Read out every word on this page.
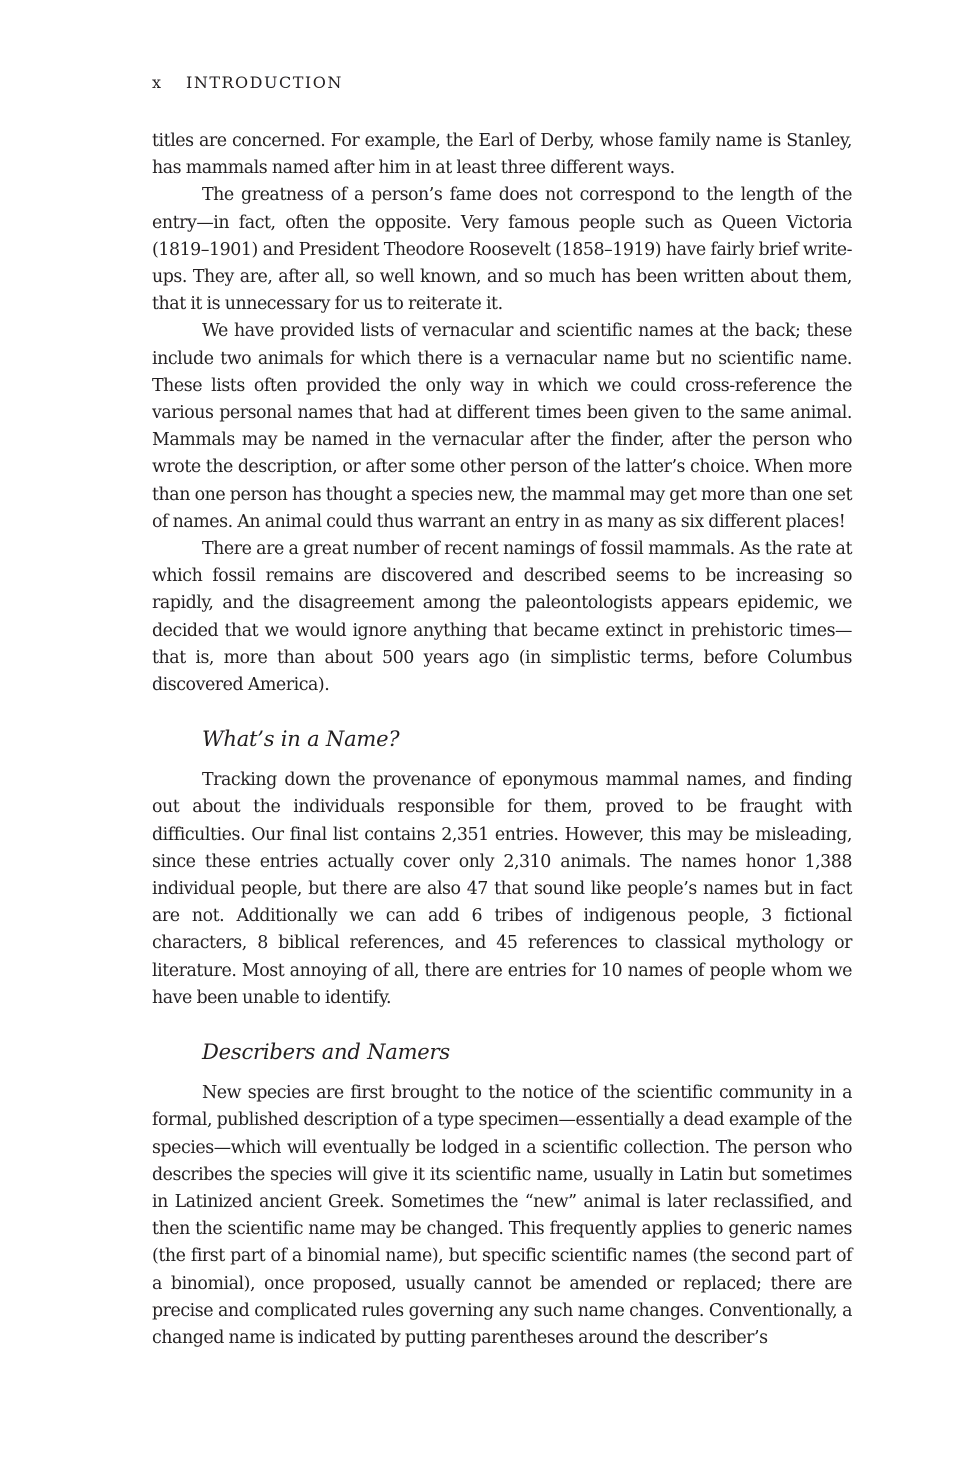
x INTRODUCTION

titles are concerned. For example, the Earl of Derby, whose family name is Stanley, has mammals named after him in at least three different ways.

The greatness of a person’s fame does not correspond to the length of the entry—in fact, often the opposite. Very famous people such as Queen Victoria (1819–1901) and President Theodore Roosevelt (1858–1919) have fairly brief write-ups. They are, after all, so well known, and so much has been written about them, that it is unnecessary for us to reiterate it.

We have provided lists of vernacular and scientific names at the back; these include two animals for which there is a vernacular name but no scientific name. These lists often provided the only way in which we could cross-reference the various personal names that had at different times been given to the same animal. Mammals may be named in the vernacular after the finder, after the person who wrote the description, or after some other person of the latter’s choice. When more than one person has thought a species new, the mammal may get more than one set of names. An animal could thus warrant an entry in as many as six different places!

There are a great number of recent namings of fossil mammals. As the rate at which fossil remains are discovered and described seems to be increasing so rapidly, and the disagreement among the paleontologists appears epidemic, we decided that we would ignore anything that became extinct in prehistoric times—that is, more than about 500 years ago (in simplistic terms, before Columbus discovered America).

What’s in a Name?

Tracking down the provenance of eponymous mammal names, and finding out about the individuals responsible for them, proved to be fraught with difficulties. Our final list contains 2,351 entries. However, this may be misleading, since these entries actually cover only 2,310 animals. The names honor 1,388 individual people, but there are also 47 that sound like people’s names but in fact are not. Additionally we can add 6 tribes of indigenous people, 3 fictional characters, 8 biblical references, and 45 references to classical mythology or literature. Most annoying of all, there are entries for 10 names of people whom we have been unable to identify.

Describers and Namers

New species are first brought to the notice of the scientific community in a formal, published description of a type specimen—essentially a dead example of the species—which will eventually be lodged in a scientific collection. The person who describes the species will give it its scientific name, usually in Latin but sometimes in Latinized ancient Greek. Sometimes the “new” animal is later reclassified, and then the scientific name may be changed. This frequently applies to generic names (the first part of a binomial name), but specific scientific names (the second part of a binomial), once proposed, usually cannot be amended or replaced; there are precise and complicated rules governing any such name changes. Conventionally, a changed name is indicated by putting parentheses around the describer’s
